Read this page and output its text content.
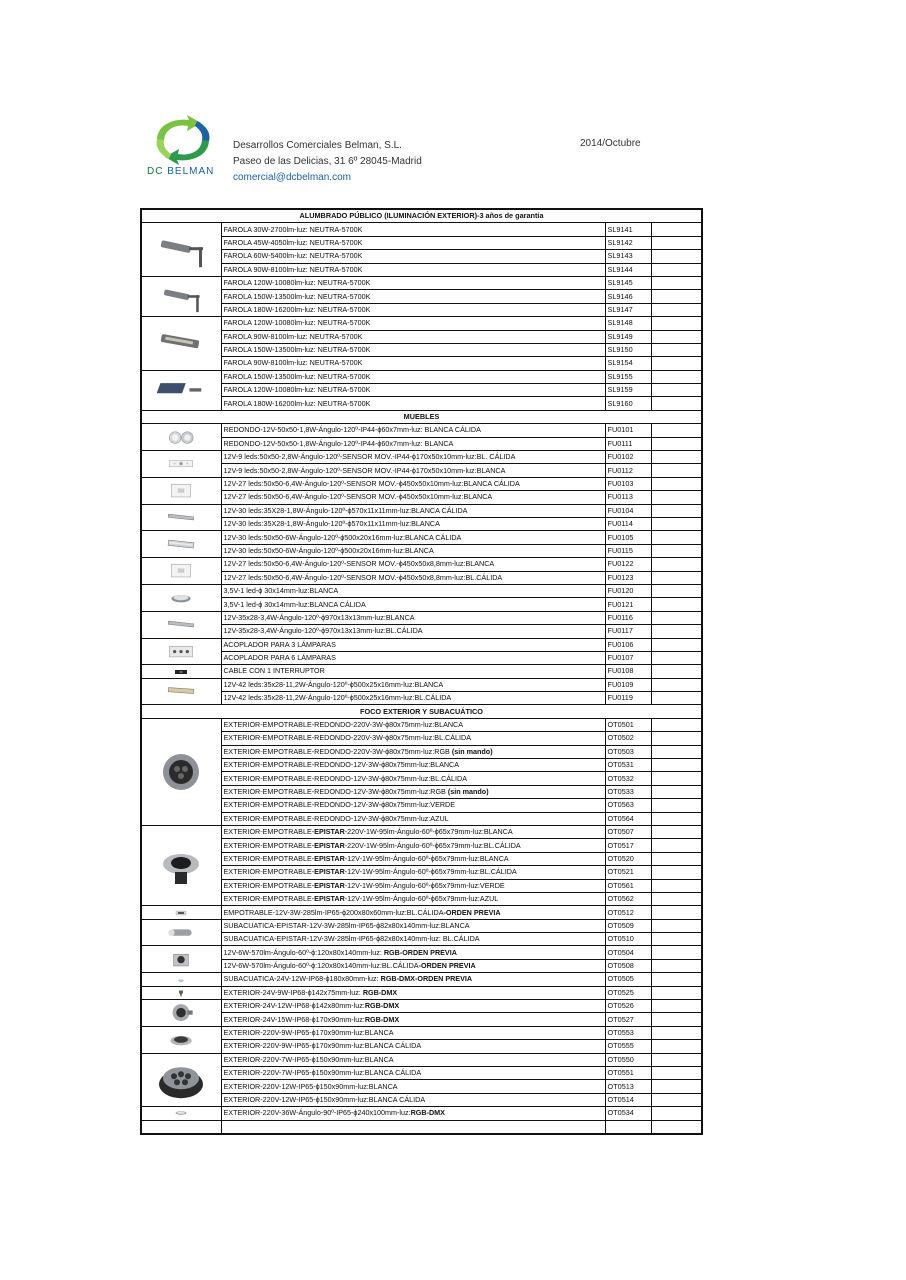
DC BELMAN
Desarrollos Comerciales Belman, S.L.
Paseo de las Delicias, 31 6º 28045-Madrid
comercial@dcbelman.com
2014/Octubre
ALUMBRADO PÚBLICO (ILUMINACIÓN EXTERIOR)-3 años de garantía			
	FAROLA 30W-2700lm-luz: NEUTRA-5700K	SL9141	
	FAROLA 45W-4050lm-luz: NEUTRA-5700K	SL9142	
	FAROLA 60W-5400lm-luz: NEUTRA-5700K	SL9143	
	FAROLA 90W-8100lm-luz: NEUTRA-5700K	SL9144	
	FAROLA 120W-10080lm-luz: NEUTRA-5700K	SL9145	
	FAROLA 150W-13500lm-luz: NEUTRA-5700K	SL9146	
	FAROLA 180W-16200lm-luz: NEUTRA-5700K	SL9147	
	FAROLA 120W-10080lm-luz: NEUTRA-5700K	SL9148	
	FAROLA 90W-8100lm-luz: NEUTRA-5700K	SL9149	
	FAROLA 150W-13500lm-luz: NEUTRA-5700K	SL9150	
	FAROLA 90W-8100lm-luz: NEUTRA-5700K	SL9154	
	FAROLA 150W-13500lm-luz: NEUTRA-5700K	SL9155	
	FAROLA 120W-10080lm-luz: NEUTRA-5700K	SL9159	
	FAROLA 180W-16200lm-luz: NEUTRA-5700K	SL9160	
MUEBLES			
	REDONDO-12V-50x50-1,8W-Ángulo-120º-IP44-ϕ60x7mm-luz: BLANCA CÁLIDA	FU0101	
	REDONDO-12V-50x50-1,8W-Ángulo-120º-IP44-ϕ60x7mm-luz: BLANCA	FU0111	
	12V-9 leds:50x50-2,8W-Ángulo-120º-SENSOR MOV.-IP44-ϕ170x50x10mm-luz:BL. CÁLIDA	FU0102	
	12V-9 leds:50x50-2,8W-Ángulo-120º-SENSOR MOV.-IP44-ϕ170x50x10mm-luz:BLANCA	FU0112	
	12V-27 leds:50x50-6,4W-Ángulo-120º-SENSOR MOV.-ϕ450x50x10mm-luz:BLANCA CÁLIDA	FU0103	
	12V-27 leds:50x50-6,4W-Ángulo-120º-SENSOR MOV.-ϕ450x50x10mm-luz:BLANCA	FU0113	
	12V-30 leds:35X28-1,8W-Ángulo-120º-ϕ570x11x11mm-luz:BLANCA CÁLIDA	FU0104	
	12V-30 leds:35X28-1,8W-Ángulo-120º-ϕ570x11x11mm-luz:BLANCA	FU0114	
	12V-30 leds:50x50-6W-Ángulo-120º-ϕ500x20x16mm-luz:BLANCA CÁLIDA	FU0105	
	12V-30 leds:50x50-6W-Ángulo-120º-ϕ500x20x16mm-luz:BLANCA	FU0115	
	12V-27 leds:50x50-6,4W-Ángulo-120º-SENSOR MOV.-ϕ450x50x8,8mm-luz:BLANCA	FU0122	
	12V-27 leds:50x50-6,4W-Ángulo-120º-SENSOR MOV.-ϕ450x50x8,8mm-luz:BL.CÁLIDA	FU0123	
	3,5V-1 led-ϕ 30x14mm-luz:BLANCA	FU0120	
	3,5V-1 led-ϕ 30x14mm-luz:BLANCA CÁLIDA	FU0121	
	12V-35x28-3,4W-Ángulo-120º-ϕ970x13x13mm-luz:BLANCA	FU0116	
	12V-35x28-3,4W-Ángulo-120º-ϕ970x13x13mm-luz:BL.CÁLIDA	FU0117	
	ACOPLADOR PARA 3 LÁMPARAS	FU0106	
	ACOPLADOR PARA 6 LÁMPARAS	FU0107	
	CABLE CON 1 INTERRUPTOR	FU0108	
	12V-42 leds:35x28-11,2W-Ángulo-120º-ϕ500x25x16mm-luz:BLANCA	FU0109	
	12V-42 leds:35x28-11,2W-Ángulo-120º-ϕ500x25x16mm-luz:BL.CÁLIDA	FU0119	
FOCO EXTERIOR Y SUBACUÁTICO			
	EXTERIOR-EMPOTRABLE-REDONDO-220V-3W-ϕ80x75mm-luz:BLANCA	OT0501	
	EXTERIOR-EMPOTRABLE-REDONDO-220V-3W-ϕ80x75mm-luz:BL.CÁLIDA	OT0502	
	EXTERIOR-EMPOTRABLE-REDONDO-220V-3W-ϕ80x75mm-luz:RGB (sin mando)	OT0503	
	EXTERIOR-EMPOTRABLE-REDONDO-12V-3W-ϕ80x75mm-luz:BLANCA	OT0531	
	EXTERIOR-EMPOTRABLE-REDONDO-12V-3W-ϕ80x75mm-luz:BL.CÁLIDA	OT0532	
	EXTERIOR-EMPOTRABLE-REDONDO-12V-3W-ϕ80x75mm-luz:RGB (sin mando)	OT0533	
	EXTERIOR-EMPOTRABLE-REDONDO-12V-3W-ϕ80x75mm-luz:VERDE	OT0563	
	EXTERIOR-EMPOTRABLE-REDONDO-12V-3W-ϕ80x75mm-luz:AZUL	OT0564	
	EXTERIOR-EMPOTRABLE-EPISTAR-220V-1W-95lm-Ángulo-60º-ϕ65x79mm-luz:BLANCA	OT0507	
	EXTERIOR-EMPOTRABLE-EPISTAR-220V-1W-95lm-Ángulo-60º-ϕ65x79mm-luz:BL.CÁLIDA	OT0517	
	EXTERIOR-EMPOTRABLE-EPISTAR-12V-1W-95lm-Ángulo-60º-ϕ65x79mm-luz:BLANCA	OT0520	
	EXTERIOR-EMPOTRABLE-EPISTAR-12V-1W-95lm-Ángulo-60º-ϕ65x79mm-luz:BL.CÁLIDA	OT0521	
	EXTERIOR-EMPOTRABLE-EPISTAR-12V-1W-95lm-Ángulo-60º-ϕ65x79mm-luz:VERDE	OT0561	
	EXTERIOR-EMPOTRABLE-EPISTAR-12V-1W-95lm-Ángulo-60º-ϕ65x79mm-luz:AZUL	OT0562	
	EMPOTRABLE-12V-3W-285lm-IP65-ϕ200x80x60mm-luz:BL.CÁLIDA-ORDEN PREVIA	OT0512	
	SUBACUATICA-EPISTAR-12V-3W-285lm-IP65-ϕ82x80x140mm-luz:BLANCA	OT0509	
	SUBACUATICA-EPISTAR-12V-3W-285lm-IP65-ϕ82x80x140mm-luz: BL.CÁLIDA	OT0510	
	12V-6W-570lm-Ángulo-60º-ϕ:120x80x140mm-luz: RGB-ORDEN PREVIA	OT0504	
	12V-6W-570lm-Ángulo-60º-ϕ:120x80x140mm-luz:BL.CÁLIDA-ORDEN PREVIA	OT0508	
	SUBACUATICA-24V-12W-IP68-ϕ180x80mm-luz: RGB-DMX-ORDEN PREVIA	OT0505	
	EXTERIOR-24V-9W-IP68-ϕ142x75mm-luz: RGB-DMX	OT0525	
	EXTERIOR-24V-12W-IP68-ϕ142x80mm-luz:RGB-DMX	OT0526	
	EXTERIOR-24V-15W-IP68-ϕ170x90mm-luz:RGB-DMX	OT0527	
	EXTERIOR-220V-9W-IP65-ϕ170x90mm-luz:BLANCA	OT0553	
	EXTERIOR-220V-9W-IP65-ϕ170x90mm-luz:BLANCA CÁLIDA	OT0555	
	EXTERIOR-220V-7W-IP65-ϕ150x90mm-luz:BLANCA	OT0550	
	EXTERIOR-220V-7W-IP65-ϕ150x90mm-luz:BLANCA CÁLIDA	OT0551	
	EXTERIOR-220V-12W-IP65-ϕ150x90mm-luz:BLANCA	OT0513	
	EXTERIOR-220V-12W-IP65-ϕ150x90mm-luz:BLANCA CÁLIDA	OT0514	
	EXTERIOR-220V-36W-Ángulo-90º-IP65-ϕ240x100mm-luz:RGB-DMX	OT0534	
